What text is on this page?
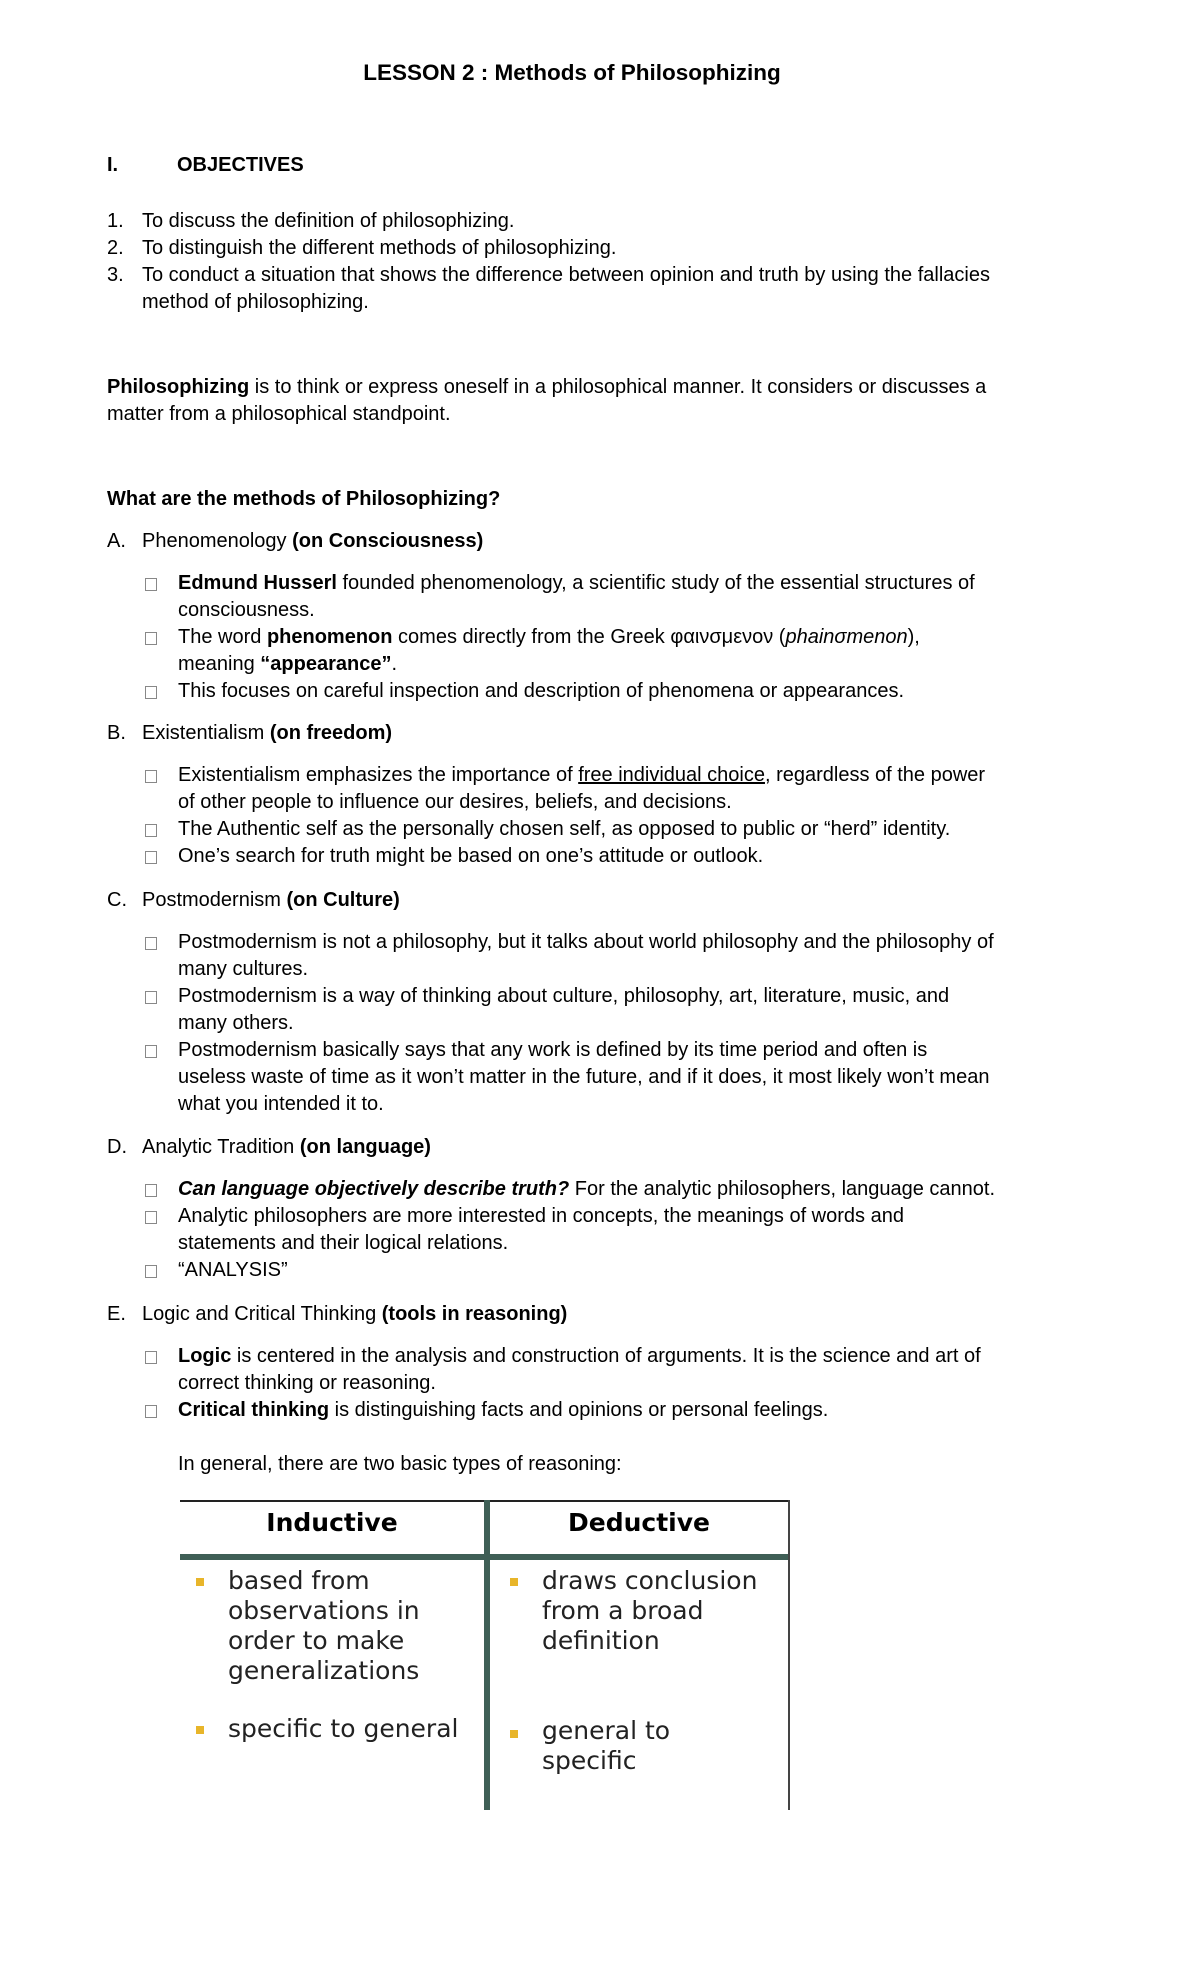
LESSON 2 : Methods of Philosophizing
I.	OBJECTIVES
1. To discuss the definition of philosophizing.
2. To distinguish the different methods of philosophizing.
3. To conduct a situation that shows the difference between opinion and truth by using the fallacies
method of philosophizing.
Philosophizing is to think or express oneself in a philosophical manner. It considers or discusses a
matter from a philosophical standpoint.
What are the methods of Philosophizing?
A. Phenomenology (on Consciousness)
Edmund Husserl founded phenomenology, a scientific study of the essential structures of
consciousness.
The word phenomenon comes directly from the Greek φαινσμενον (phainσmenon),
meaning “appearance”.
This focuses on careful inspection and description of phenomena or appearances.
B. Existentialism (on freedom)
Existentialism emphasizes the importance of free individual choice, regardless of the power
of other people to influence our desires, beliefs, and decisions.
The Authentic self as the personally chosen self, as opposed to public or “herd” identity.
One’s search for truth might be based on one’s attitude or outlook.
C. Postmodernism (on Culture)
Postmodernism is not a philosophy, but it talks about world philosophy and the philosophy of
many cultures.
Postmodernism is a way of thinking about culture, philosophy, art, literature, music, and
many others.
Postmodernism basically says that any work is defined by its time period and often is
useless waste of time as it won’t matter in the future, and if it does, it most likely won’t mean
what you intended it to.
D. Analytic Tradition (on language)
Can language objectively describe truth? For the analytic philosophers, language cannot.
Analytic philosophers are more interested in concepts, the meanings of words and
statements and their logical relations.
“ANALYSIS”
E. Logic and Critical Thinking (tools in reasoning)
Logic is centered in the analysis and construction of arguments. It is the science and art of
correct thinking or reasoning.
Critical thinking is distinguishing facts and opinions or personal feelings.
In general, there are two basic types of reasoning:
Inductive	Deductive
based from
observations in
order to make
generalizations
specific to general
draws conclusion
from a broad
definition
general to
specific
